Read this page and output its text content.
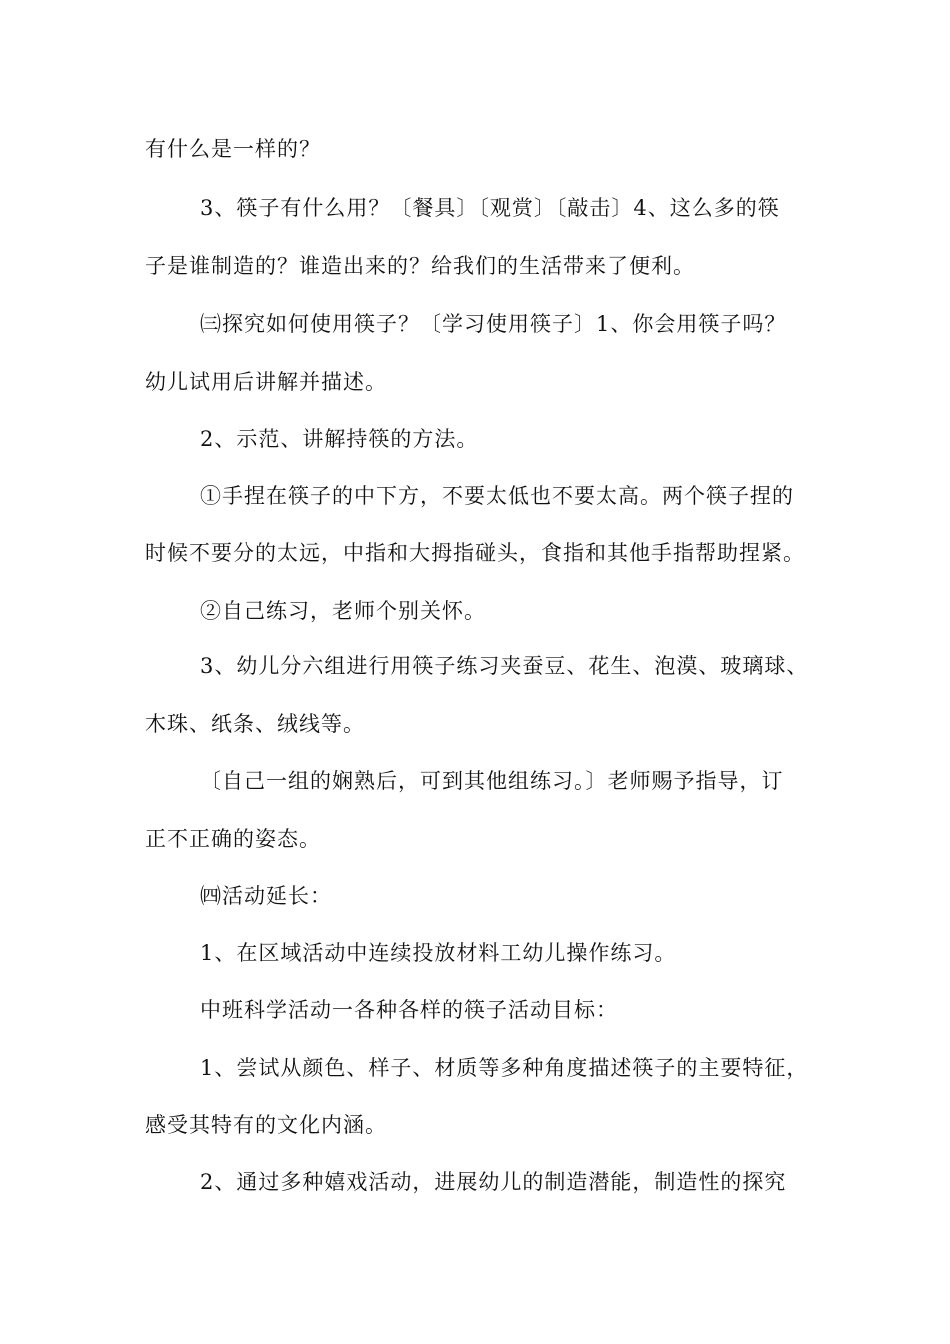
有什么是一样的？
3、筷子有什么用？〔餐具〕〔观赏〕〔敲击〕4、这么多的筷
子是谁制造的？谁造出来的？给我们的生活带来了便利。
㈢探究如何使用筷子？〔学习使用筷子〕1、你会用筷子吗？
幼儿试用后讲解并描述。
2、示范、讲解持筷的方法。
①手捏在筷子的中下方，不要太低也不要太高。两个筷子捏的
时候不要分的太远，中指和大拇指碰头，食指和其他手指帮助捏紧。
②自己练习，老师个别关怀。
3、幼儿分六组进行用筷子练习夹蚕豆、花生、泡漠、玻璃球、
木珠、纸条、绒线等。
〔自己一组的娴熟后，可到其他组练习。〕老师赐予指导，订
正不正确的姿态。
㈣活动延长：
1、在区域活动中连续投放材料工幼儿操作练习。
中班科学活动一各种各样的筷子活动目标：
1、尝试从颜色、样子、材质等多种角度描述筷子的主要特征，
感受其特有的文化内涵。
2、通过多种嬉戏活动，进展幼儿的制造潜能，制造性的探究
